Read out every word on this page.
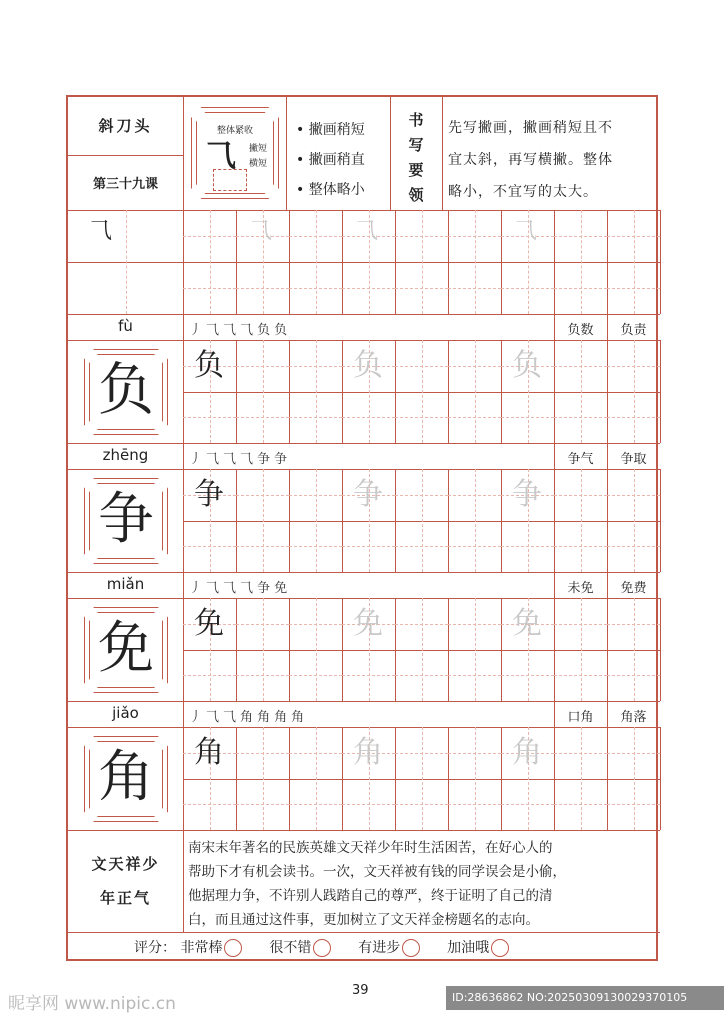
斜刀头
第三十九课
整体紧收
⺄ 撇短
横短
• 撇画稍短
• 撇画稍直
• 整体略小
书
写
要
领
先写撇画，撇画稍短且不
宜太斜，再写横撇。整体
略小，不宜写的太大。
⺄	⺄	⺄	⺄
fù	丿 ⺄ ⺄ ⺄ 负 负	负数	负责
负	负	负	负
zhēng	丿 ⺄ ⺄ ⺄ 争 争	争气	争取
争	争	争	争
miǎn	丿 ⺄ ⺄ ⺄ 争 免	未免	免费
免	免	免	免
jiǎo	丿 ⺄ ⺄ 角 角 角 角	口角	角落
角	角	角	角
文天祥少
年正气
南宋末年著名的民族英雄文天祥少年时生活困苦，在好心人的
帮助下才有机会读书。一次，文天祥被有钱的同学误会是小偷，
他据理力争，不许别人践踏自己的尊严，终于证明了自己的清
白，而且通过这件事，更加树立了文天祥金榜题名的志向。
评分： 非常棒	很不错	有进步	加油哦
39
昵享网 www.nipic.cn	ID:28636862 NO:20250309130029370105
